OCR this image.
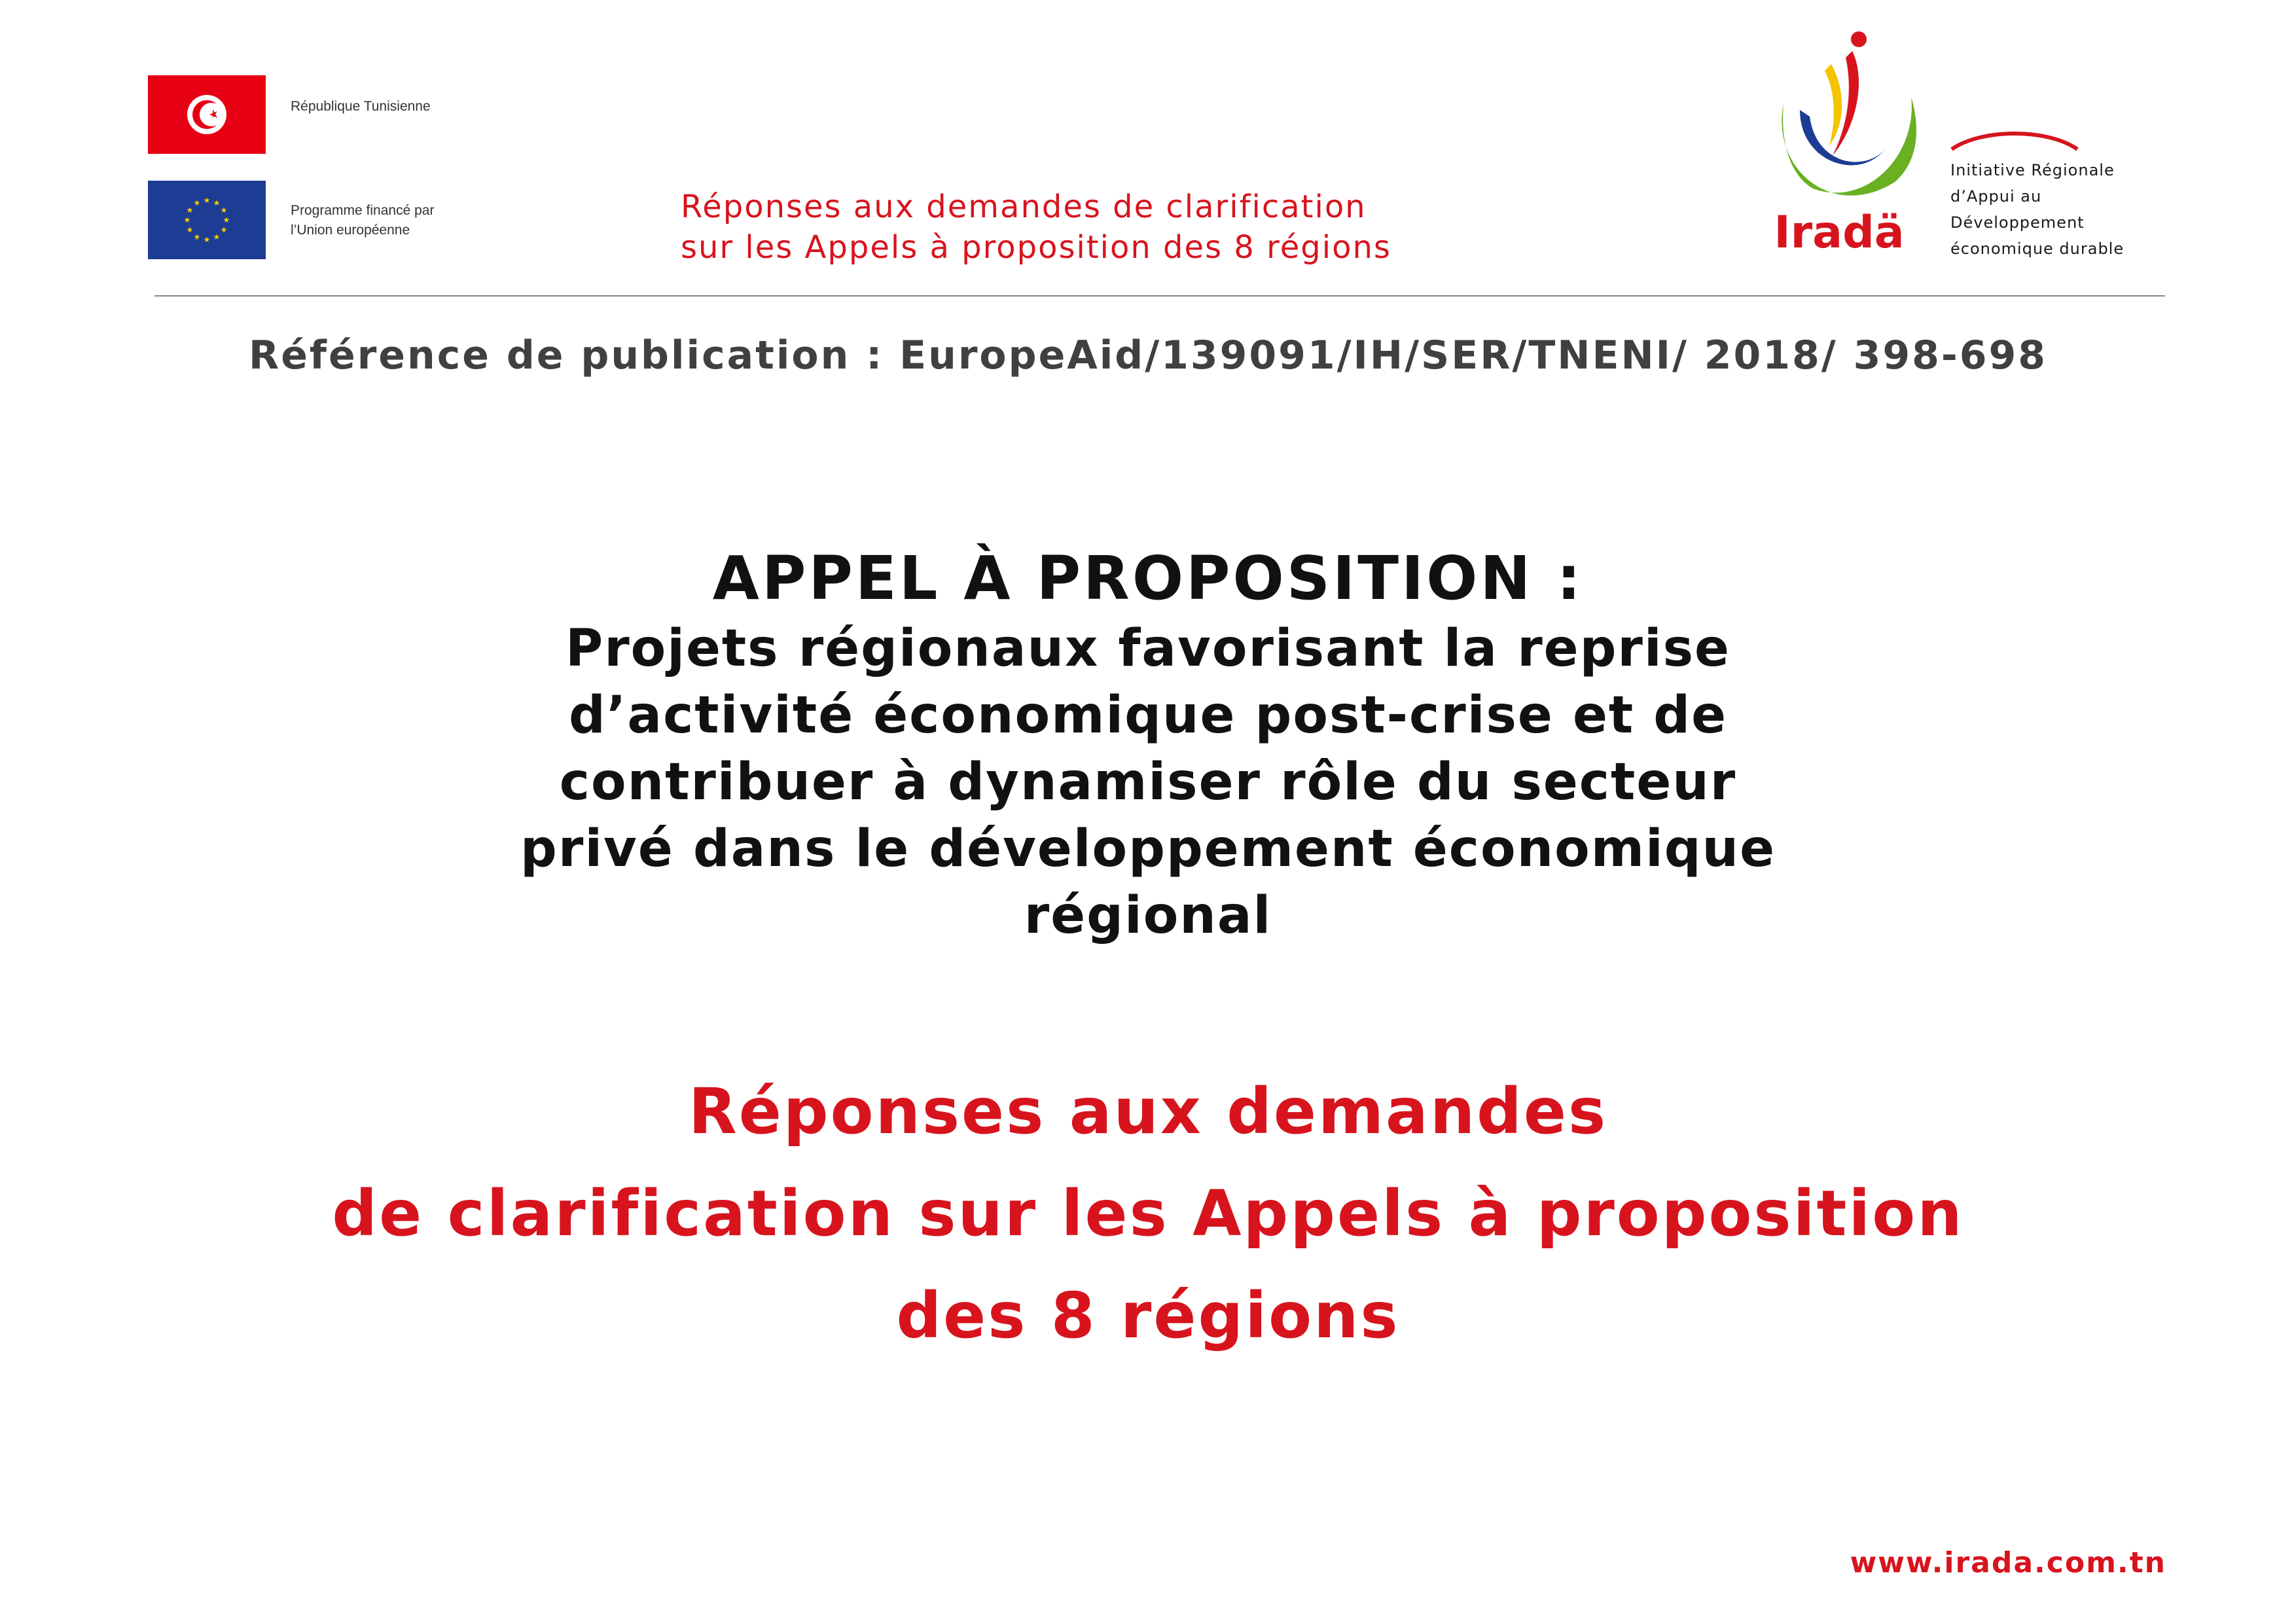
République Tunisienne
★ ★
★
★
★
★
★
★
★
★
★
★	Programme financé par
l’Union européenne
Réponses aux demandes de clarification
sur les Appels à proposition des 8 régions	Iradä
Initiative Régionale
d’Appui au
Développement
économique durable
Référence de publication : EuropeAid/139091/IH/SER/TNENI/ 2018/ 398-698
APPEL À PROPOSITION :
Projets régionaux favorisant la reprise
d’activité économique post-crise et de
contribuer à dynamiser rôle du secteur
privé dans le développement économique
régional
Réponses aux demandes
de clarification sur les Appels à proposition
des 8 régions
www.irada.com.tn
